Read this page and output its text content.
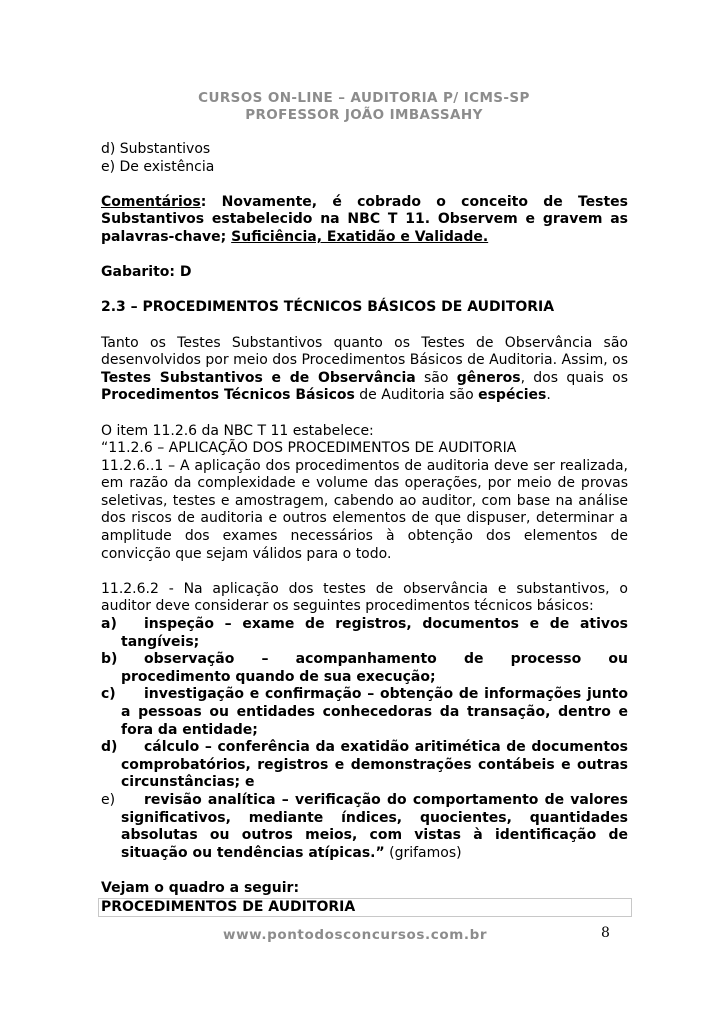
CURSOS ON-LINE – AUDITORIA P/ ICMS-SP
PROFESSOR JOÃO IMBASSAHY

d) Substantivos

e) De existência

Comentários: Novamente, é cobrado o conceito de Testes Substantivos estabelecido na NBC T 11. Observem e gravem as palavras-chave; Suficiência, Exatidão e Validade.

Gabarito: D

2.3 – PROCEDIMENTOS TÉCNICOS BÁSICOS DE AUDITORIA

Tanto os Testes Substantivos quanto os Testes de Observância são desenvolvidos por meio dos Procedimentos Básicos de Auditoria. Assim, os Testes Substantivos e de Observância são gêneros, dos quais os Procedimentos Técnicos Básicos de Auditoria são espécies.

O item 11.2.6 da NBC T 11 estabelece:

“11.2.6 – APLICAÇÃO DOS PROCEDIMENTOS DE AUDITORIA

11.2.6..1 – A aplicação dos procedimentos de auditoria deve ser realizada, em razão da complexidade e volume das operações, por meio de provas seletivas, testes e amostragem, cabendo ao auditor, com base na análise dos riscos de auditoria e outros elementos de que dispuser, determinar a amplitude dos exames necessários à obtenção dos elementos de convicção que sejam válidos para o todo.

11.2.6.2 - Na aplicação dos testes de observância e substantivos, o auditor deve considerar os seguintes procedimentos técnicos básicos:

a)	inspeção – exame de registros, documentos e de ativos tangíveis;
b)	observação – acompanhamento de processo ou procedimento quando de sua execução;
c)	investigação e confirmação – obtenção de informações junto a pessoas ou entidades conhecedoras da transação, dentro e fora da entidade;
d)	cálculo – conferência da exatidão aritimética de documentos comprobatórios, registros e demonstrações contábeis e outras circunstâncias; e
e)	revisão analítica – verificação do comportamento de valores significativos, mediante índices, quocientes, quantidades absolutas ou outros meios, com vistas à identificação de situação ou tendências atípicas.” (grifamos)

Vejam o quadro a seguir:

PROCEDIMENTOS DE AUDITORIA
www.pontodosconcursos.com.br	8
